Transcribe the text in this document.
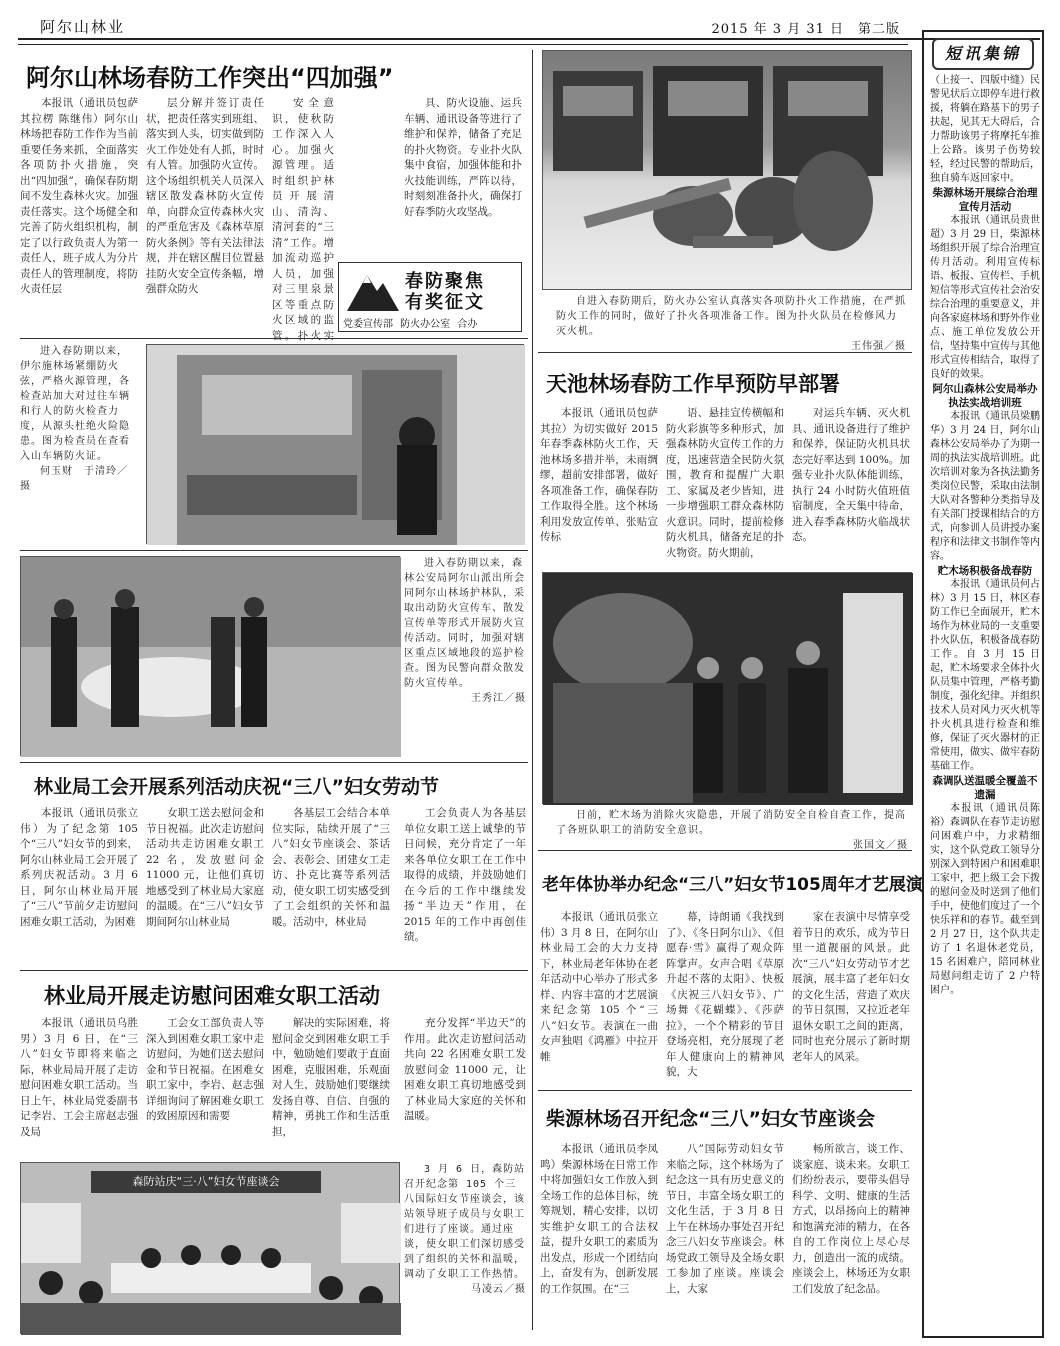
阿尔山林业	2015 年 3 月 31 日　第二版
阿尔山林场春防工作突出“四加强”

本报讯（通讯员包萨其拉楞 陈继伟）阿尔山林场把春防工作作为当前重要任务来抓，全面落实各项防扑火措施，突出“四加强”，确保春防期间不发生森林火灾。加强责任落实。这个场健全和完善了防火组织机构，制定了以行政负责人为第一责任人，班子成人为分片责任人的管理制度，将防火责任层

层分解并签订责任状，把责任落实到班组、落实到人头，切实做到防火工作处处有人抓，时时有人管。加强防火宣传。这个场组织机关人员深入辖区散发森林防火宣传单，向群众宣传森林火灾的严重危害及《森林草原防火条例》等有关法律法规，并在辖区醒目位置悬挂防火安全宣传条幅，增强群众防火

安全意识，使秋防工作深入人心。加强火源管理。适时组织护林员开展清山、清沟、清河套的“三清”工作。增加流动巡护人员，加强对三里泉景区等重点防火区域的监管。扑火实

具、防火设施、运兵车辆、通讯设备等进行了维护和保养，储备了充足的扑火物资。专业扑火队集中食宿，加强体能和扑火技能训练，严阵以待，时刻刻准备扑火，确保打好春季防火攻坚战。

春防聚焦
有奖征文
党委宣传部 防火办公室 合办

自进入春防期后，防火办公室认真落实各项防扑火工作措施，在严抓防火工作的同时，做好了扑火各项准备工作。图为扑火队员在检修风力灭火机。

王伟强／摄

进入春防期以来，伊尔施林场紧绷防火弦，严格火源管理，各检查站加大对过往车辆和行人的防火检查力度，从源头杜绝火险隐患。图为检查员在查看入山车辆防火证。

何玉财　于清玲／摄

进入春防期以来，森林公安局阿尔山派出所会同阿尔山林场护林队，采取出动防火宣传车、散发宣传单等形式开展防火宣传活动。同时，加强对辖区重点区域地段的巡护检查。图为民警向群众散发防火宣传单。

王秀江／摄

天池林场春防工作早预防早部署

本报讯（通讯员包萨其拉）为切实做好 2015 年春季森林防火工作，天池林场多措并举，未雨绸缪，超前安排部署，做好各项准备工作，确保春防工作取得全胜。这个林场利用发放宣传单、张贴宣传标

语、悬挂宣传横幅和防火彩旗等多种形式，加强森林防火宣传工作的力度，迅速营造全民防火氛围，教育和提醒广大职工、家属及老少皆知，进一步增强职工群众森林防火意识。同时，提前检修防火机具，储备充足的扑火物资。防火期前，

对运兵车辆、灭火机具、通讯设备进行了维护和保养，保证防火机具状态完好率达到 100%。加强专业扑火队体能训练，执行 24 小时防火值班值宿制度，全天集中待命，进入春季森林防火临战状态。

日前，贮木场为消除火灾隐患，开展了消防安全自检自查工作，提高了各班队职工的消防安全意识。

张国文／摄

林业局工会开展系列活动庆祝“三八”妇女劳动节

本报讯（通讯员张立伟）为了纪念第 105 个“三八”妇女节的到来，阿尔山林业局工会开展了系列庆祝活动。3 月 6 日，阿尔山林业局开展了“三八”节前夕走访慰问困难女职工活动，为困难

女职工送去慰问金和节日祝福。此次走访慰问活动共走访困难女职工 22 名，发放慰问金 11000 元，让他们真切地感受到了林业局大家庭的温暖。在“三八”妇女节期间阿尔山林业局

各基层工会结合本单位实际，陆续开展了“三八”妇女节座谈会、茶话会、表彰会、团建女工走访、扑克比赛等系列活动，使女职工切实感受到了工会组织的关怀和温暖。活动中，林业局

工会负责人为各基层单位女职工送上诚挚的节日问候，充分肯定了一年来各单位女职工在工作中取得的成绩，并鼓励她们在今后的工作中继续发扬“半边天”作用，在 2015 年的工作中再创佳绩。

林业局开展走访慰问困难女职工活动

本报讯（通讯员乌胜男）3 月 6 日，在“三八”妇女节即将来临之际，林业局局开展了走访慰问困难女职工活动。当日上午，林业局党委副书记李岩、工会主席赵志强及局

工会女工部负责人等深入到困难女职工家中走访慰问，为她们送去慰问金和节日祝福。在困难女职工家中，李岩、赵志强详细询问了解困难女职工的致困原因和需要

解决的实际困难，将慰问金交到困难女职工手中，勉励她们要敢于直面困难，克服困难，乐观面对人生，鼓励她们要继续发扬自尊、自信、自强的精神，勇挑工作和生活重担，

充分发挥“半边天”的作用。此次走访慰问活动共向 22 名困难女职工发放慰问金 11000 元，让困难女职工真切地感受到了林业局大家庭的关怀和温暖。

森防站庆“三·八”妇女节座谈会

3 月 6 日，森防站召开纪念第 105 个三八国际妇女节座谈会，该站领导班子成员与女职工们进行了座谈。通过座谈，使女职工们深切感受到了组织的关怀和温暖，调动了女职工工作热情。

马凌云／摄

老年体协举办纪念“三八”妇女节105周年才艺展演

本报讯（通讯员张立伟）3 月 8 日，在阿尔山林业局工会的大力支持下，林业局老年体协在老年活动中心举办了形式多样、内容丰富的才艺展演来纪念第 105 个“三八”妇女节。表演在一曲女声独唱《鸿雁》中拉开帷

幕，诗朗诵《我找到了》、《冬日阿尔山》、《但愿春·雪》赢得了观众阵阵掌声。女声合唱《草原升起不落的太阳》、快板《庆祝三八妇女节》、广场舞《花蝴蝶》、《莎萨拉》，一个个精彩的节目登场亮相，充分展现了老年人健康向上的精神风貌，大

家在表演中尽情享受着节日的欢乐，成为节日里一道靓丽的风景。此次“三八”妇女劳动节才艺展演，展丰富了老年妇女的文化生活，营造了欢庆的节日氛围，又拉近老年退休女职工之间的距离，同时也充分展示了新时期老年人的风采。

柴源林场召开纪念“三八”妇女节座谈会

本报讯（通讯员李凤鸣）柴源林场在日常工作中将加强妇女工作放入到全场工作的总体目标，统筹规划，精心安排，以切实维护女职工的合法权益，提升女职工的素质为出发点，形成一个团结向上，奋发有为，创新发展的工作氛围。在“三

八”国际劳动妇女节来临之际，这个林场为了纪念这一具有历史意义的节日，丰富全场女职工的文化生活，于 3 月 8 日上午在林场办事处召开纪念三八妇女节座谈会。林场党政工领导及全场女职工参加了座谈。座谈会上，大家

畅所欲言，谈工作、谈家庭、谈未来。女职工们纷纷表示，要带头倡导科学、文明、健康的生活方式，以昂扬向上的精神和饱满充沛的精力，在各自的工作岗位上尽心尽力，创造出一流的成绩。座谈会上，林场还为女职工们发放了纪念品。

短讯集锦

（上接一、四版中缝）民警见状后立即停车进行救援，将躺在路基下的男子扶起，见其无大碍后，合力帮助该男子将摩托车推上公路。该男子伤势较轻，经过民警的帮助后，独自骑车返回家中。

柴源林场开展综合治理宣传月活动

本报讯（通讯员贵世超）3 月 29 日，柴源林场组织开展了综合治理宣传月活动。利用宣传标语、板报、宣传栏、手机短信等形式宣传社会治安综合治理的重要意义，并向各家庭林场和野外作业点、施工单位发放公开信，坚持集中宣传与其他形式宣传相结合，取得了良好的效果。

阿尔山森林公安局举办执法实战培训班

本报讯（通讯员梁鹏华）3 月 24 日，阿尔山森林公安局举办了为期一周的执法实战培训班。此次培训对象为各执法勤务类岗位民警，采取由法制大队对各警种分类指导及有关部门授课相结合的方式，向参训人员讲授办案程序和法律文书制作等内容。

贮木场积极备战春防

本报讯（通讯员何占林）3 月 15 日，林区春防工作已全面展开，贮木场作为林业局的一支重要扑火队伍，积极备战春防工作。自 3 月 15 日起，贮木场要求全体扑火队员集中管理，严格考勤制度，强化纪律。并组织技术人员对风力灭火机等扑火机具进行检查和维修，保证了灭火器材的正常使用，做实、做牢春防基础工作。

森调队送温暖全覆盖不遗漏

本报讯（通讯员陈裕）森调队在春节走访慰问困难户中，力求精细实，这个队党政工领导分别深入到特困户和困难职工家中，把上级工会下拨的慰问金及时送到了他们手中，使他们度过了一个快乐祥和的春节。截至到 2 月 27 日，这个队共走访了 1 名退休老党员，15 名困难户，陪同林业局慰问组走访了 2 户特困户。
